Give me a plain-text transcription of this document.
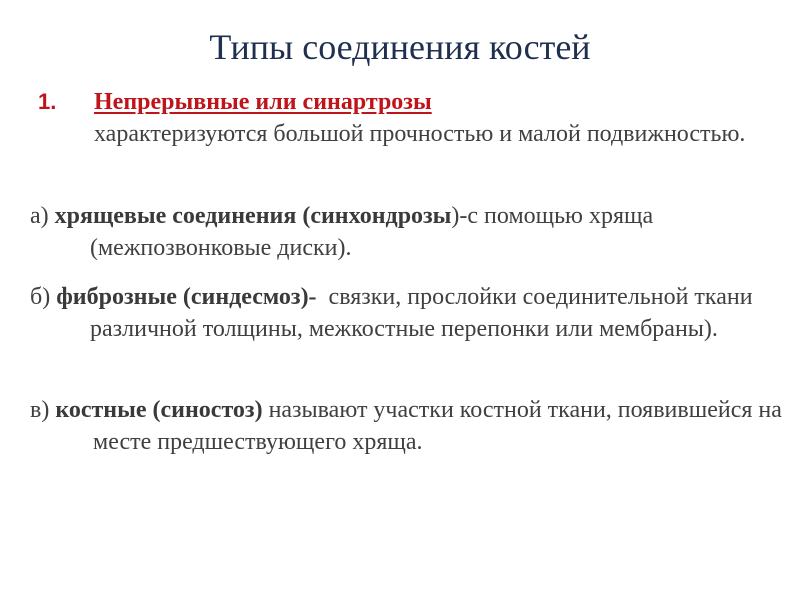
Типы соединения костей
1. Непрерывные или синартрозы
характеризуются большой прочностью и малой подвижностью.
а) хрящевые соединения (синхондрозы)-с помощью хряща (межпозвонковые диски).
б) фиброзные (синдесмоз)-  связки, прослойки соединительной ткани различной толщины, межкостные перепонки или мембраны).
в) костные (синостоз) называют участки костной ткани, появившейся на месте предшествующего хряща.
